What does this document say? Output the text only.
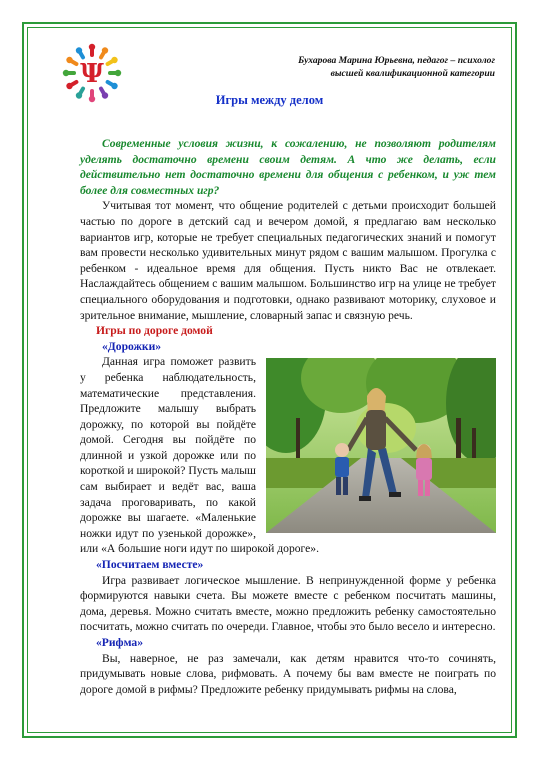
Ψ	Бухарова Марина Юрьевна, педагог – психолог
высшей квалификационной категории
Игры между делом

Современные условия жизни, к сожалению, не позволяют родителям уделять достаточно времени своим детям. А что же делать, если действительно нет достаточно времени для общения с ребенком, и уж тем более для совместных игр?

Учитывая тот момент, что общение родителей с детьми происходит большей частью по дороге в детский сад и вечером домой, я предлагаю вам несколько вариантов игр, которые не требует специальных педагогических знаний и помогут вам провести несколько удивительных минут рядом с вашим малышом. Прогулка с ребенком - идеальное время для общения. Пусть никто Вас не отвлекает. Наслаждайтесь общением с вашим малышом. Большинство игр на улице не требует специального оборудования и подготовки, однако развивают моторику, слуховое и зрительное внимание, мышление, словарный запас и связную речь.

Игры по дороге домой
«Дорожки»

Данная игра поможет развить у ребенка наблюдательность, математические представления. Предложите малышу выбрать дорожку, по которой вы пойдёте домой. Сегодня вы пойдёте по длинной и узкой дорожке или по короткой и широкой? Пусть малыш сам выбирает и ведёт вас, ваша задача проговаривать, по какой дорожке вы шагаете. «Маленькие ножки идут по узенькой дорожке», или «А большие ноги идут по широкой дороге».

«Посчитаем вместе»

Игра развивает логическое мышление. В непринужденной форме у ребенка формируются навыки счета. Вы можете вместе с ребенком посчитать машины, дома, деревья. Можно считать вместе, можно предложить ребенку самостоятельно посчитать, можно считать по очереди. Главное, чтобы это было весело и интересно.

«Рифма»

Вы, наверное, не раз замечали, как детям нравится что-то сочинять, придумывать новые слова, рифмовать. А почему бы вам вместе не поиграть по дороге домой в рифмы? Предложите ребенку придумывать рифмы на слова,
